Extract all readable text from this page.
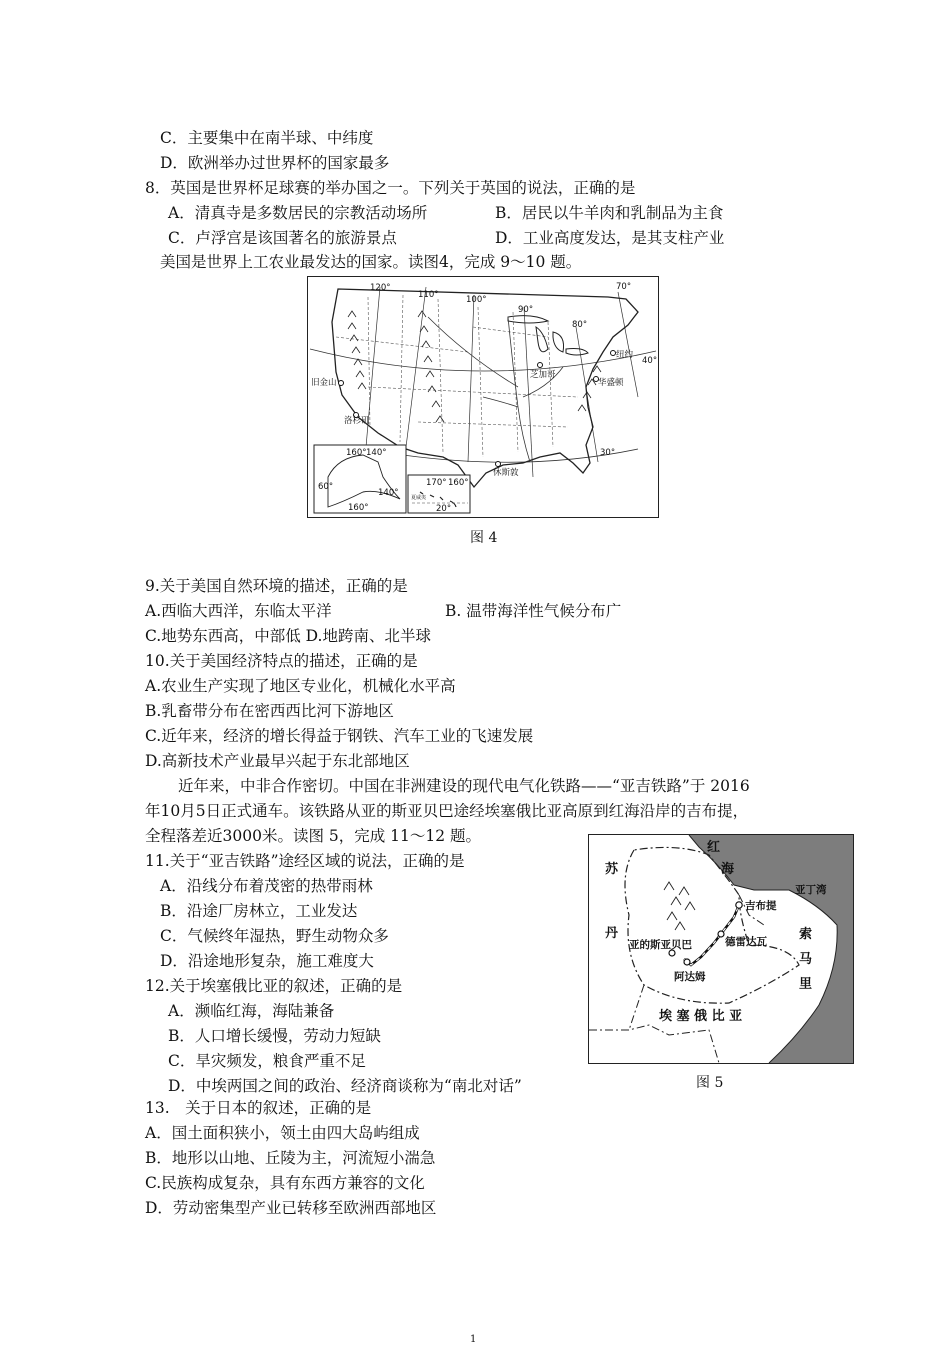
C．主要集中在南半球、中纬度
D．欧洲举办过世界杯的国家最多
8．英国是世界杯足球赛的举办国之一。下列关于英国的说法，正确的是
A．清真寺是多数居民的宗教活动场所	B．居民以牛羊肉和乳制品为主食
C．卢浮宫是该国著名的旅游景点	D．工业高度发达，是其支柱产业
美国是世界上工农业最发达的国家。读图4，完成 9～10 题。
120°
110°	100°
90°
80°
70°
40°
30°
旧金山
洛杉矶
芝加哥
纽约
华盛顿
休斯敦
160° 140°
60°
140°
160°
170° 160°
20°
夏威夷
图 4
9.关于美国自然环境的描述，正确的是
A.西临大西洋，东临太平洋	B. 温带海洋性气候分布广
C.地势东西高，中部低 D.地跨南、北半球
10.关于美国经济特点的描述，正确的是
A.农业生产实现了地区专业化，机械化水平高
B.乳畜带分布在密西西比河下游地区
C.近年来，经济的增长得益于钢铁、汽车工业的飞速发展
D.高新技术产业最早兴起于东北部地区
近年来，中非合作密切。中国在非洲建设的现代电气化铁路——“亚吉铁路”于 2016
年10月5日正式通车。该铁路从亚的斯亚贝巴途经埃塞俄比亚高原到红海沿岸的吉布提，
全程落差近3000米。读图 5，完成 11～12 题。
11.关于“亚吉铁路”途经区域的说法，正确的是
A．沿线分布着茂密的热带雨林
B．沿途厂房林立，工业发达
C．气候终年湿热，野生动物众多
D．沿途地形复杂，施工难度大
12.关于埃塞俄比亚的叙述，正确的是
A．濒临红海，海陆兼备
B．人口增长缓慢，劳动力短缺
C．旱灾频发，粮食严重不足
D．中埃两国之间的政治、经济商谈称为“南北对话”
红
海
苏
丹	索
马
里
埃 塞 俄 比 亚
亚丁湾
吉布提
德雷达瓦
亚的斯亚贝巴
阿达姆
图 5
13.　关于日本的叙述，正确的是
A．国土面积狭小，领土由四大岛屿组成
B．地形以山地、丘陵为主，河流短小湍急
C.民族构成复杂，具有东西方兼容的文化
D．劳动密集型产业已转移至欧洲西部地区
1
